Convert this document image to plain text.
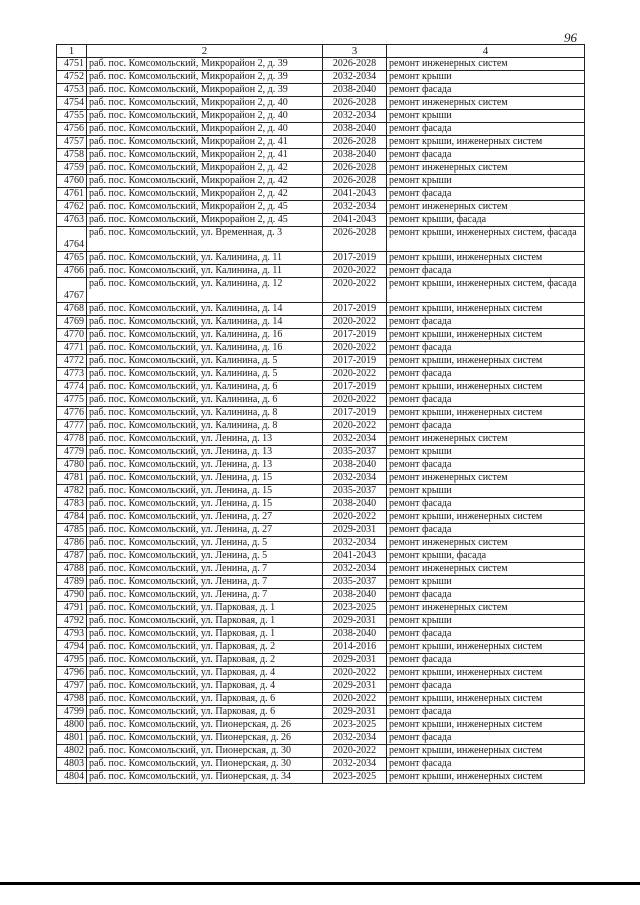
96
1	2	3	4
4751	раб. пос. Комсомольский, Микрорайон 2, д. 39	2026-2028	ремонт инженерных систем
4752	раб. пос. Комсомольский, Микрорайон 2, д. 39	2032-2034	ремонт крыши
4753	раб. пос. Комсомольский, Микрорайон 2, д. 39	2038-2040	ремонт фасада
4754	раб. пос. Комсомольский, Микрорайон 2, д. 40	2026-2028	ремонт инженерных систем
4755	раб. пос. Комсомольский, Микрорайон 2, д. 40	2032-2034	ремонт крыши
4756	раб. пос. Комсомольский, Микрорайон 2, д. 40	2038-2040	ремонт фасада
4757	раб. пос. Комсомольский, Микрорайон 2, д. 41	2026-2028	ремонт крыши, инженерных систем
4758	раб. пос. Комсомольский, Микрорайон 2, д. 41	2038-2040	ремонт фасада
4759	раб. пос. Комсомольский, Микрорайон 2, д. 42	2026-2028	ремонт инженерных систем
4760	раб. пос. Комсомольский, Микрорайон 2, д. 42	2026-2028	ремонт крыши
4761	раб. пос. Комсомольский, Микрорайон 2, д. 42	2041-2043	ремонт фасада
4762	раб. пос. Комсомольский, Микрорайон 2, д. 45	2032-2034	ремонт инженерных систем
4763	раб. пос. Комсомольский, Микрорайон 2, д. 45	2041-2043	ремонт крыши, фасада
4764	раб. пос. Комсомольский, ул. Временная, д. 3	2026-2028	ремонт крыши, инженерных систем, фасада
4765	раб. пос. Комсомольский, ул. Калинина, д. 11	2017-2019	ремонт крыши, инженерных систем
4766	раб. пос. Комсомольский, ул. Калинина, д. 11	2020-2022	ремонт фасада
4767	раб. пос. Комсомольский, ул. Калинина, д. 12	2020-2022	ремонт крыши, инженерных систем, фасада
4768	раб. пос. Комсомольский, ул. Калинина, д. 14	2017-2019	ремонт крыши, инженерных систем
4769	раб. пос. Комсомольский, ул. Калинина, д. 14	2020-2022	ремонт фасада
4770	раб. пос. Комсомольский, ул. Калинина, д. 16	2017-2019	ремонт крыши, инженерных систем
4771	раб. пос. Комсомольский, ул. Калинина, д. 16	2020-2022	ремонт фасада
4772	раб. пос. Комсомольский, ул. Калинина, д. 5	2017-2019	ремонт крыши, инженерных систем
4773	раб. пос. Комсомольский, ул. Калинина, д. 5	2020-2022	ремонт фасада
4774	раб. пос. Комсомольский, ул. Калинина, д. 6	2017-2019	ремонт крыши, инженерных систем
4775	раб. пос. Комсомольский, ул. Калинина, д. 6	2020-2022	ремонт фасада
4776	раб. пос. Комсомольский, ул. Калинина, д. 8	2017-2019	ремонт крыши, инженерных систем
4777	раб. пос. Комсомольский, ул. Калинина, д. 8	2020-2022	ремонт фасада
4778	раб. пос. Комсомольский, ул. Ленина, д. 13	2032-2034	ремонт инженерных систем
4779	раб. пос. Комсомольский, ул. Ленина, д. 13	2035-2037	ремонт крыши
4780	раб. пос. Комсомольский, ул. Ленина, д. 13	2038-2040	ремонт фасада
4781	раб. пос. Комсомольский, ул. Ленина, д. 15	2032-2034	ремонт инженерных систем
4782	раб. пос. Комсомольский, ул. Ленина, д. 15	2035-2037	ремонт крыши
4783	раб. пос. Комсомольский, ул. Ленина, д. 15	2038-2040	ремонт фасада
4784	раб. пос. Комсомольский, ул. Ленина, д. 27	2020-2022	ремонт крыши, инженерных систем
4785	раб. пос. Комсомольский, ул. Ленина, д. 27	2029-2031	ремонт фасада
4786	раб. пос. Комсомольский, ул. Ленина, д. 5	2032-2034	ремонт инженерных систем
4787	раб. пос. Комсомольский, ул. Ленина, д. 5	2041-2043	ремонт крыши, фасада
4788	раб. пос. Комсомольский, ул. Ленина, д. 7	2032-2034	ремонт инженерных систем
4789	раб. пос. Комсомольский, ул. Ленина, д. 7	2035-2037	ремонт крыши
4790	раб. пос. Комсомольский, ул. Ленина, д. 7	2038-2040	ремонт фасада
4791	раб. пос. Комсомольский, ул. Парковая, д. 1	2023-2025	ремонт инженерных систем
4792	раб. пос. Комсомольский, ул. Парковая, д. 1	2029-2031	ремонт крыши
4793	раб. пос. Комсомольский, ул. Парковая, д. 1	2038-2040	ремонт фасада
4794	раб. пос. Комсомольский, ул. Парковая, д. 2	2014-2016	ремонт крыши, инженерных систем
4795	раб. пос. Комсомольский, ул. Парковая, д. 2	2029-2031	ремонт фасада
4796	раб. пос. Комсомольский, ул. Парковая, д. 4	2020-2022	ремонт крыши, инженерных систем
4797	раб. пос. Комсомольский, ул. Парковая, д. 4	2029-2031	ремонт фасада
4798	раб. пос. Комсомольский, ул. Парковая, д. 6	2020-2022	ремонт крыши, инженерных систем
4799	раб. пос. Комсомольский, ул. Парковая, д. 6	2029-2031	ремонт фасада
4800	раб. пос. Комсомольский, ул. Пионерская, д. 26	2023-2025	ремонт крыши, инженерных систем
4801	раб. пос. Комсомольский, ул. Пионерская, д. 26	2032-2034	ремонт фасада
4802	раб. пос. Комсомольский, ул. Пионерская, д. 30	2020-2022	ремонт крыши, инженерных систем
4803	раб. пос. Комсомольский, ул. Пионерская, д. 30	2032-2034	ремонт фасада
4804	раб. пос. Комсомольский, ул. Пионерская, д. 34	2023-2025	ремонт крыши, инженерных систем
